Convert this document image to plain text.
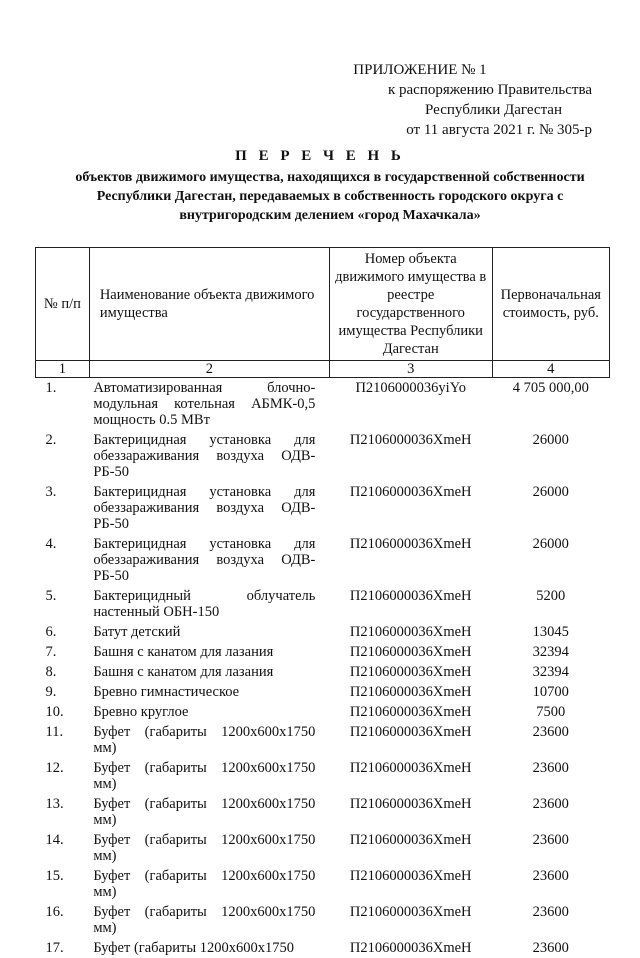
ПРИЛОЖЕНИЕ № 1
к распоряжению Правительства
Республики Дагестан
от 11 августа 2021 г. № 305-р
П Е Р Е Ч Е Н Ь
объектов движимого имущества, находящихся в государственной собственности Республики Дагестан, передаваемых в собственность городского округа с внутригородским делением «город Махачкала»
№ п/п	Наименование объекта движимого имущества	Номер объекта движимого имущества в реестре государственного имущества Республики Дагестан	Первоначальная стоимость, руб.
1	2	3	4
1.	Автоматизированная блочно-модульная котельная АБМК-0,5 мощность 0.5 МВт	П2106000036уіYo	4 705 000,00
2.	Бактерицидная установка для обеззараживания воздуха ОДВ-РБ-50	П2106000036ХmeH	26000
3.	Бактерицидная установка для обеззараживания воздуха ОДВ-РБ-50	П2106000036ХmeH	26000
4.	Бактерицидная установка для обеззараживания воздуха ОДВ-РБ-50	П2106000036ХmeH	26000
5.	Бактерицидный облучатель настенный ОБН-150	П2106000036ХmeH	5200
6.	Батут детский	П2106000036ХmeH	13045
7.	Башня с канатом для лазания	П2106000036ХmeH	32394
8.	Башня с канатом для лазания	П2106000036ХmeH	32394
9.	Бревно гимнастическое	П2106000036ХmeH	10700
10.	Бревно круглое	П2106000036ХmeH	7500
11.	Буфет (габариты 1200х600х1750 мм)	П2106000036ХmeH	23600
12.	Буфет (габариты 1200х600х1750 мм)	П2106000036ХmeH	23600
13.	Буфет (габариты 1200х600х1750 мм)	П2106000036ХmeH	23600
14.	Буфет (габариты 1200х600х1750 мм)	П2106000036ХmeH	23600
15.	Буфет (габариты 1200х600х1750 мм)	П2106000036ХmeH	23600
16.	Буфет (габариты 1200х600х1750 мм)	П2106000036ХmeH	23600
17.	Буфет (габариты 1200х600х1750	П2106000036ХmeH	23600
